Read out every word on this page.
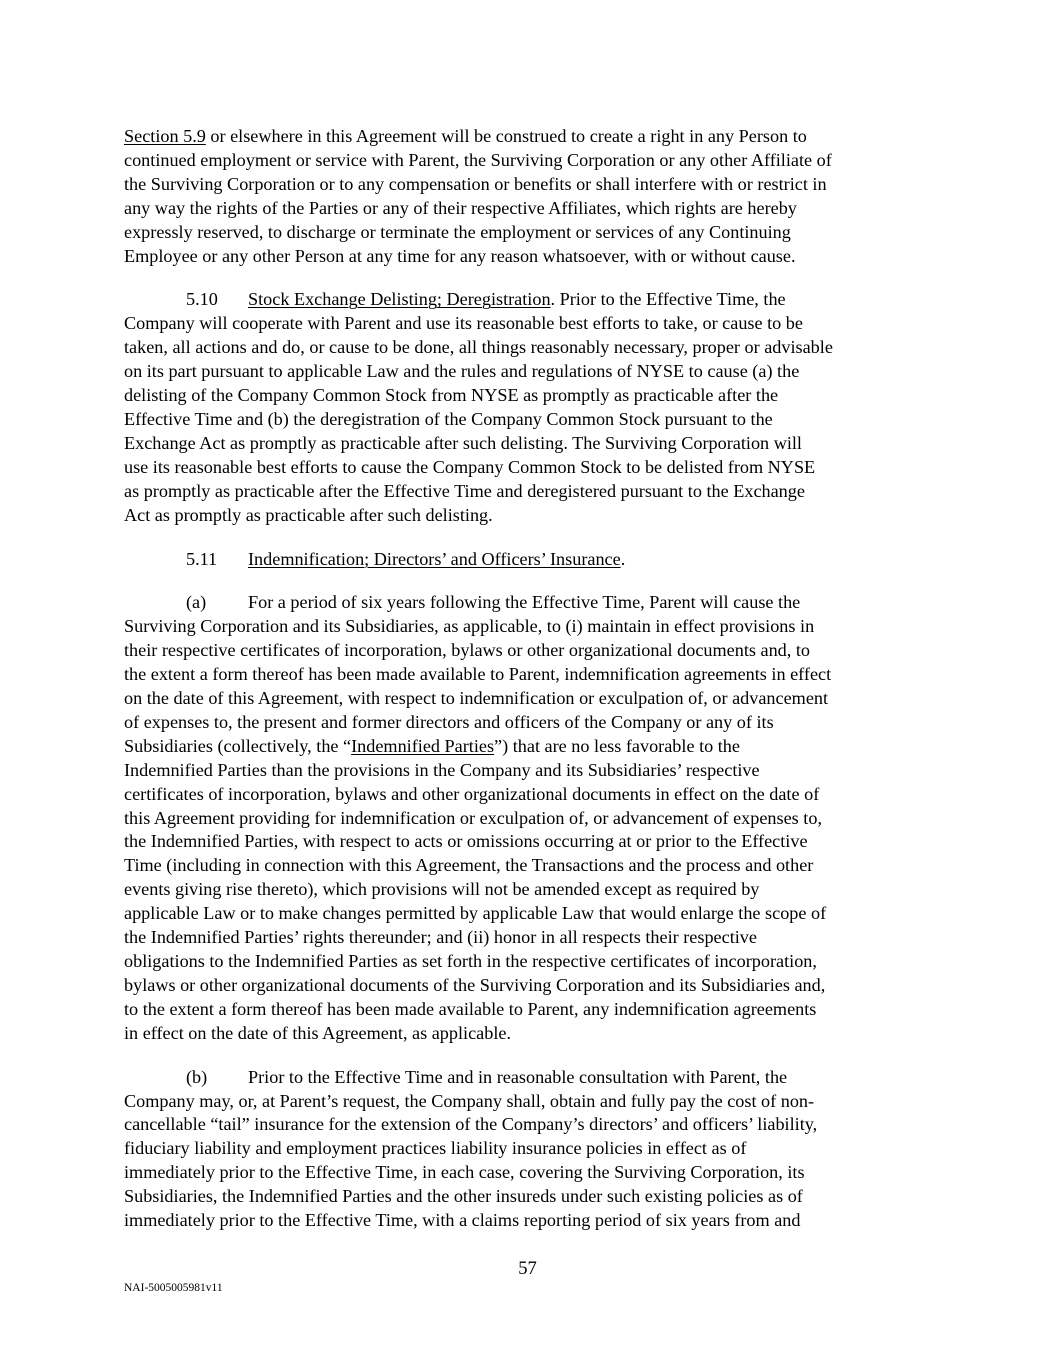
Section 5.9 or elsewhere in this Agreement will be construed to create a right in any Person to
continued employment or service with Parent, the Surviving Corporation or any other Affiliate of
the Surviving Corporation or to any compensation or benefits or shall interfere with or restrict in
any way the rights of the Parties or any of their respective Affiliates, which rights are hereby
expressly reserved, to discharge or terminate the employment or services of any Continuing
Employee or any other Person at any time for any reason whatsoever, with or without cause.
5.10 Stock Exchange Delisting; Deregistration. Prior to the Effective Time, the
Company will cooperate with Parent and use its reasonable best efforts to take, or cause to be
taken, all actions and do, or cause to be done, all things reasonably necessary, proper or advisable
on its part pursuant to applicable Law and the rules and regulations of NYSE to cause (a) the
delisting of the Company Common Stock from NYSE as promptly as practicable after the
Effective Time and (b) the deregistration of the Company Common Stock pursuant to the
Exchange Act as promptly as practicable after such delisting. The Surviving Corporation will
use its reasonable best efforts to cause the Company Common Stock to be delisted from NYSE
as promptly as practicable after the Effective Time and deregistered pursuant to the Exchange
Act as promptly as practicable after such delisting.
5.11 Indemnification; Directors’ and Officers’ Insurance.
(a) For a period of six years following the Effective Time, Parent will cause the
Surviving Corporation and its Subsidiaries, as applicable, to (i) maintain in effect provisions in
their respective certificates of incorporation, bylaws or other organizational documents and, to
the extent a form thereof has been made available to Parent, indemnification agreements in effect
on the date of this Agreement, with respect to indemnification or exculpation of, or advancement
of expenses to, the present and former directors and officers of the Company or any of its
Subsidiaries (collectively, the “Indemnified Parties”) that are no less favorable to the
Indemnified Parties than the provisions in the Company and its Subsidiaries’ respective
certificates of incorporation, bylaws and other organizational documents in effect on the date of
this Agreement providing for indemnification or exculpation of, or advancement of expenses to,
the Indemnified Parties, with respect to acts or omissions occurring at or prior to the Effective
Time (including in connection with this Agreement, the Transactions and the process and other
events giving rise thereto), which provisions will not be amended except as required by
applicable Law or to make changes permitted by applicable Law that would enlarge the scope of
the Indemnified Parties’ rights thereunder; and (ii) honor in all respects their respective
obligations to the Indemnified Parties as set forth in the respective certificates of incorporation,
bylaws or other organizational documents of the Surviving Corporation and its Subsidiaries and,
to the extent a form thereof has been made available to Parent, any indemnification agreements
in effect on the date of this Agreement, as applicable.
(b) Prior to the Effective Time and in reasonable consultation with Parent, the
Company may, or, at Parent’s request, the Company shall, obtain and fully pay the cost of non-
cancellable “tail” insurance for the extension of the Company’s directors’ and officers’ liability,
fiduciary liability and employment practices liability insurance policies in effect as of
immediately prior to the Effective Time, in each case, covering the Surviving Corporation, its
Subsidiaries, the Indemnified Parties and the other insureds under such existing policies as of
immediately prior to the Effective Time, with a claims reporting period of six years from and
57
NAI-5005005981v11
